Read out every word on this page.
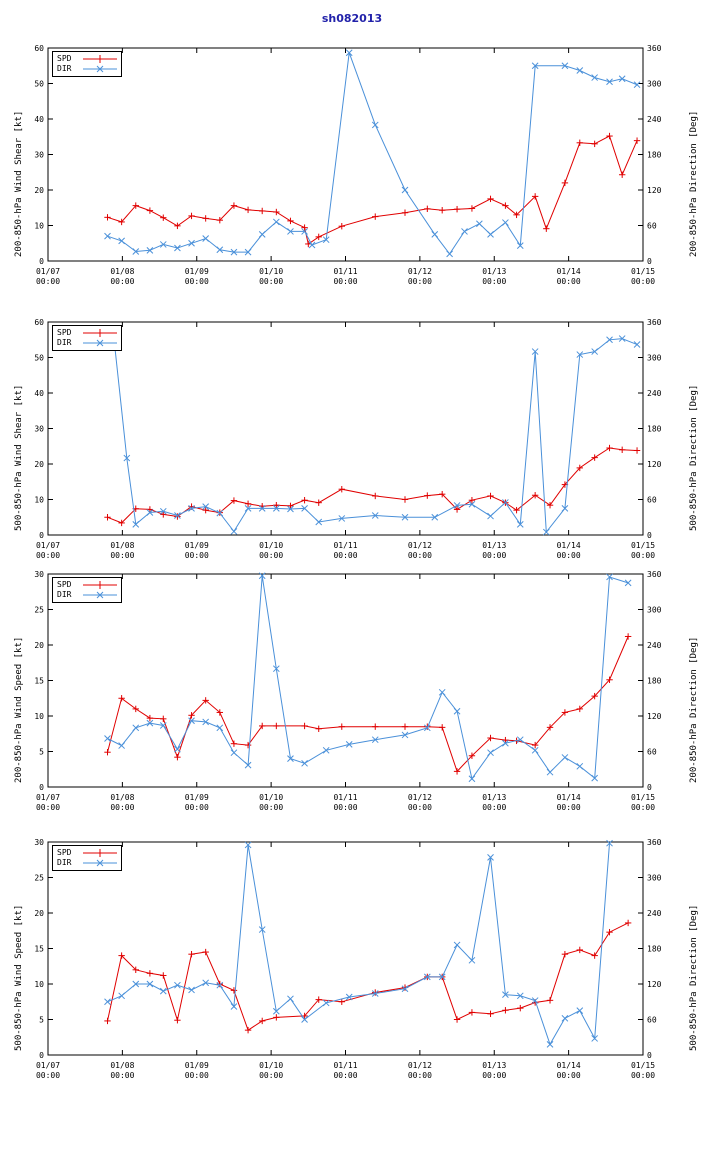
sh082013
200-850-hPa Wind Shear [kt]	200-850-hPa Direction [Deg]
0
10
20
30
40
50
60
0
60
120
180
240
300
360
01/07
00:00
01/08
00:00
01/09
00:00
01/10
00:00
01/11
00:00
01/12
00:00
01/13
00:00
01/14
00:00
01/15
00:00
SPD
DIR
500-850-hPa Wind Shear [kt]	500-850-hPa Direction [Deg]
0
10
20
30
40
50
60
0
60
120
180
240
300
360
01/07
00:00
01/08
00:00
01/09
00:00
01/10
00:00
01/11
00:00
01/12
00:00
01/13
00:00
01/14
00:00
01/15
00:00
SPD
DIR
200-850-hPa Wind Speed [kt]	200-850-hPa Direction [Deg]
0
5
10
15
20
25
30
0
60
120
180
240
300
360
01/07
00:00
01/08
00:00
01/09
00:00
01/10
00:00
01/11
00:00
01/12
00:00
01/13
00:00
01/14
00:00
01/15
00:00
SPD
DIR
500-850-hPa Wind Speed [kt]	500-850-hPa Direction [Deg]
0
5
10
15
20
25
30
0
60
120
180
240
300
360
01/07
00:00
01/08
00:00
01/09
00:00
01/10
00:00
01/11
00:00
01/12
00:00
01/13
00:00
01/14
00:00
01/15
00:00
SPD
DIR
